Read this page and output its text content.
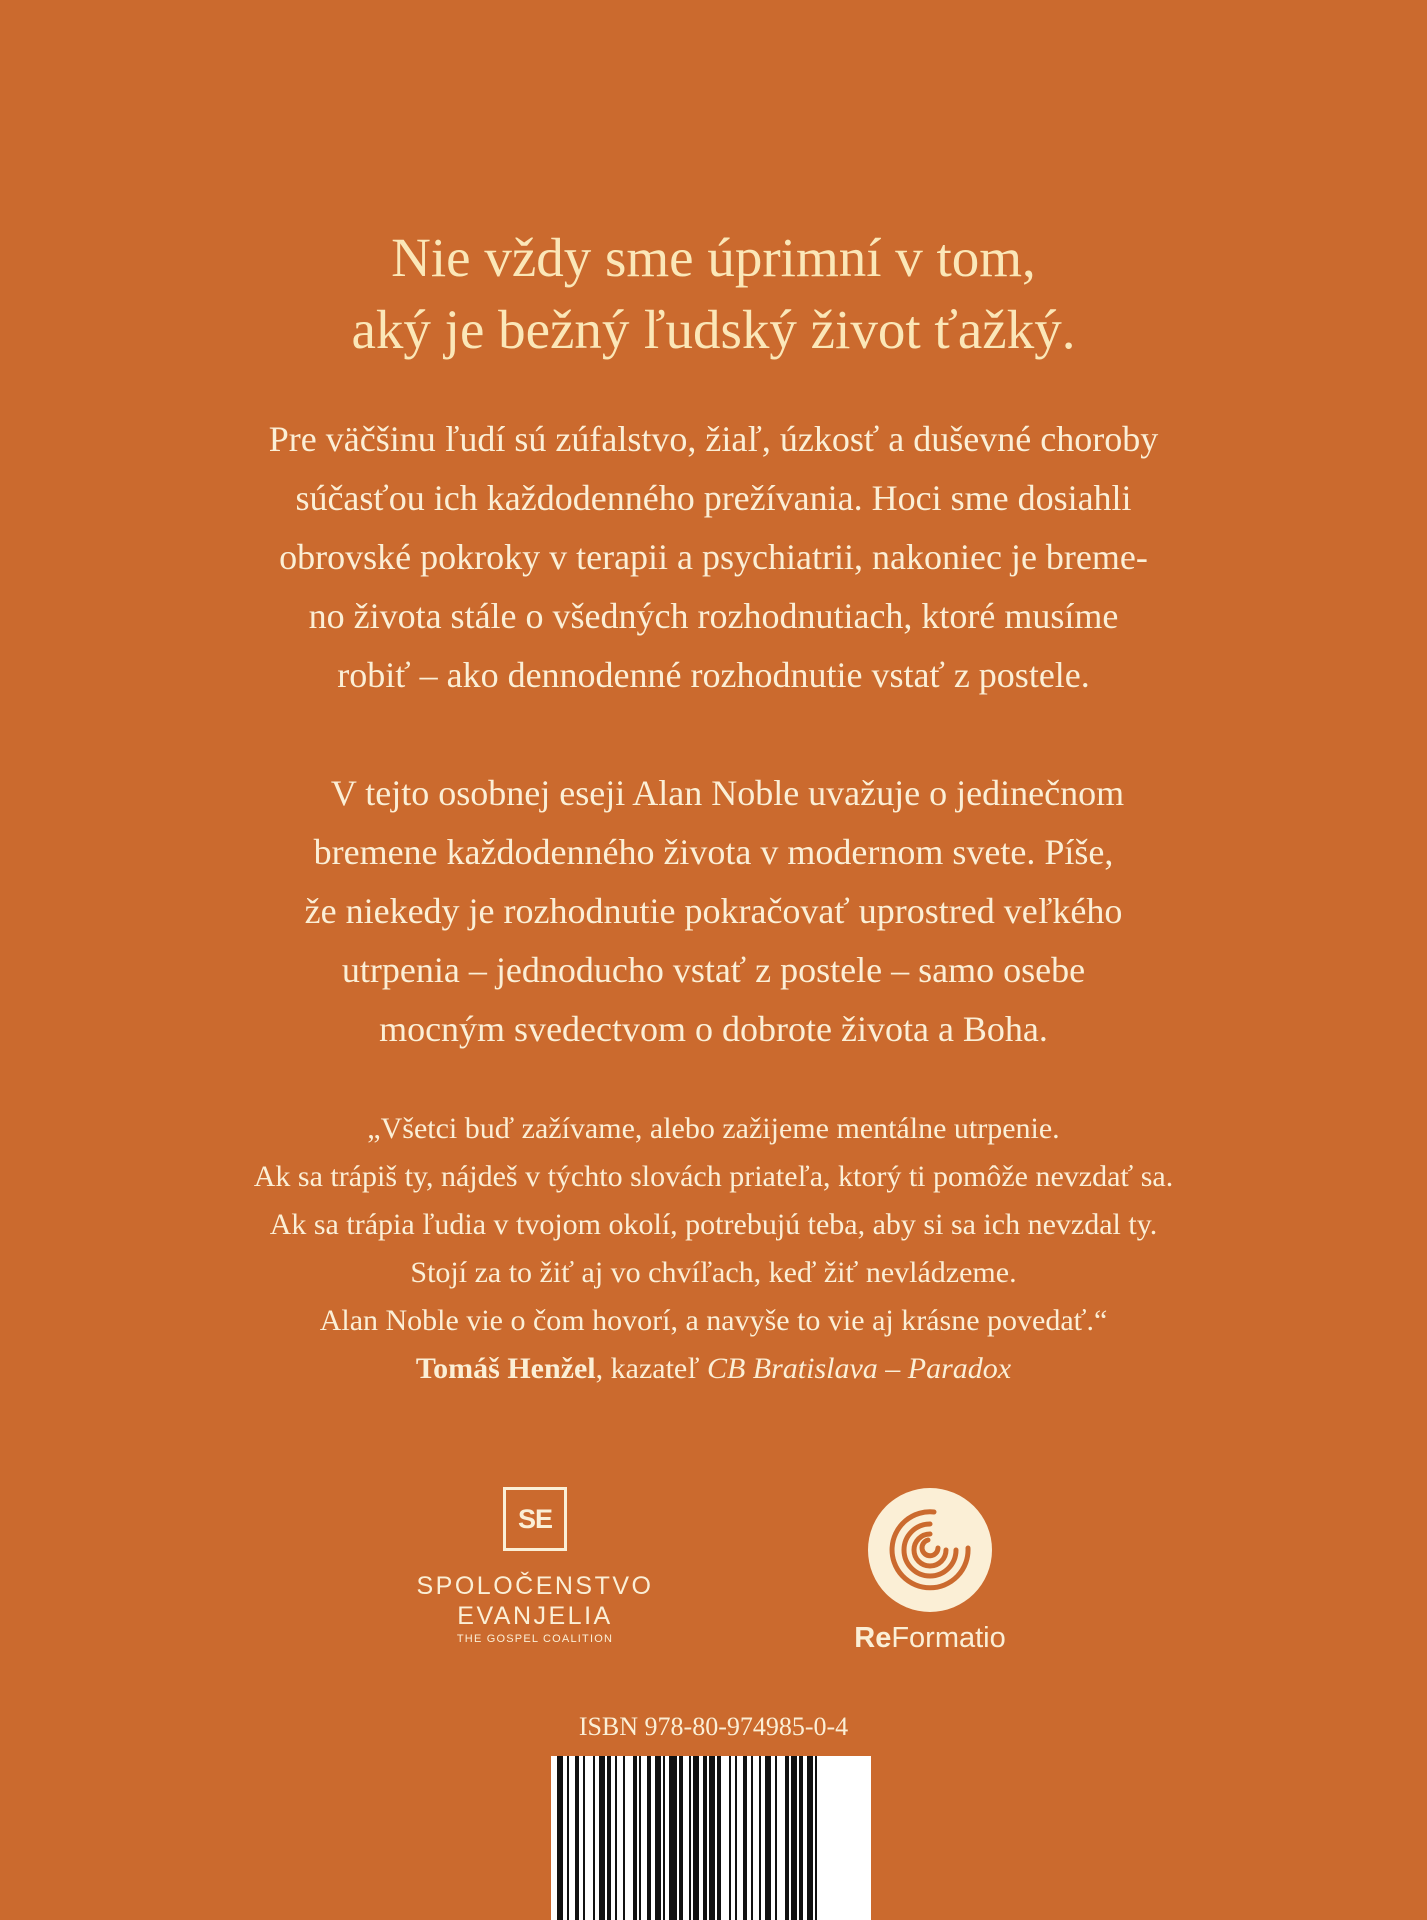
Nie vždy sme úprimní v tom,
aký je bežný ľudský život ťažký.
Pre väčšinu ľudí sú zúfalstvo, žiaľ, úzkosť a duševné choroby
súčasťou ich každodenného prežívania. Hoci sme dosiahli
obrovské pokroky v terapii a psychiatrii, nakoniec je breme-
no života stále o všedných rozhodnutiach, ktoré musíme
robiť – ako dennodenné rozhodnutie vstať z postele.
V tejto osobnej eseji Alan Noble uvažuje o jedinečnom
bremene každodenného života v modernom svete. Píše,
že niekedy je rozhodnutie pokračovať uprostred veľkého
utrpenia – jednoducho vstať z postele – samo osebe
mocným svedectvom o dobrote života a Boha.
„Všetci buď zažívame, alebo zažijeme mentálne utrpenie.
Ak sa trápiš ty, nájdeš v týchto slovách priateľa, ktorý ti pomôže nevzdať sa.
Ak sa trápia ľudia v tvojom okolí, potrebujú teba, aby si sa ich nevzdal ty.
Stojí za to žiť aj vo chvíľach, keď žiť nevládzeme.
Alan Noble vie o čom hovorí, a navyše to vie aj krásne povedať.“
Tomáš Henžel, kazateľ CB Bratislava – Paradox
SE
SPOLOČENSTVO
EVANJELIA
THE GOSPEL COALITION	ReFormatio
ISBN 978-80-974985-0-4
